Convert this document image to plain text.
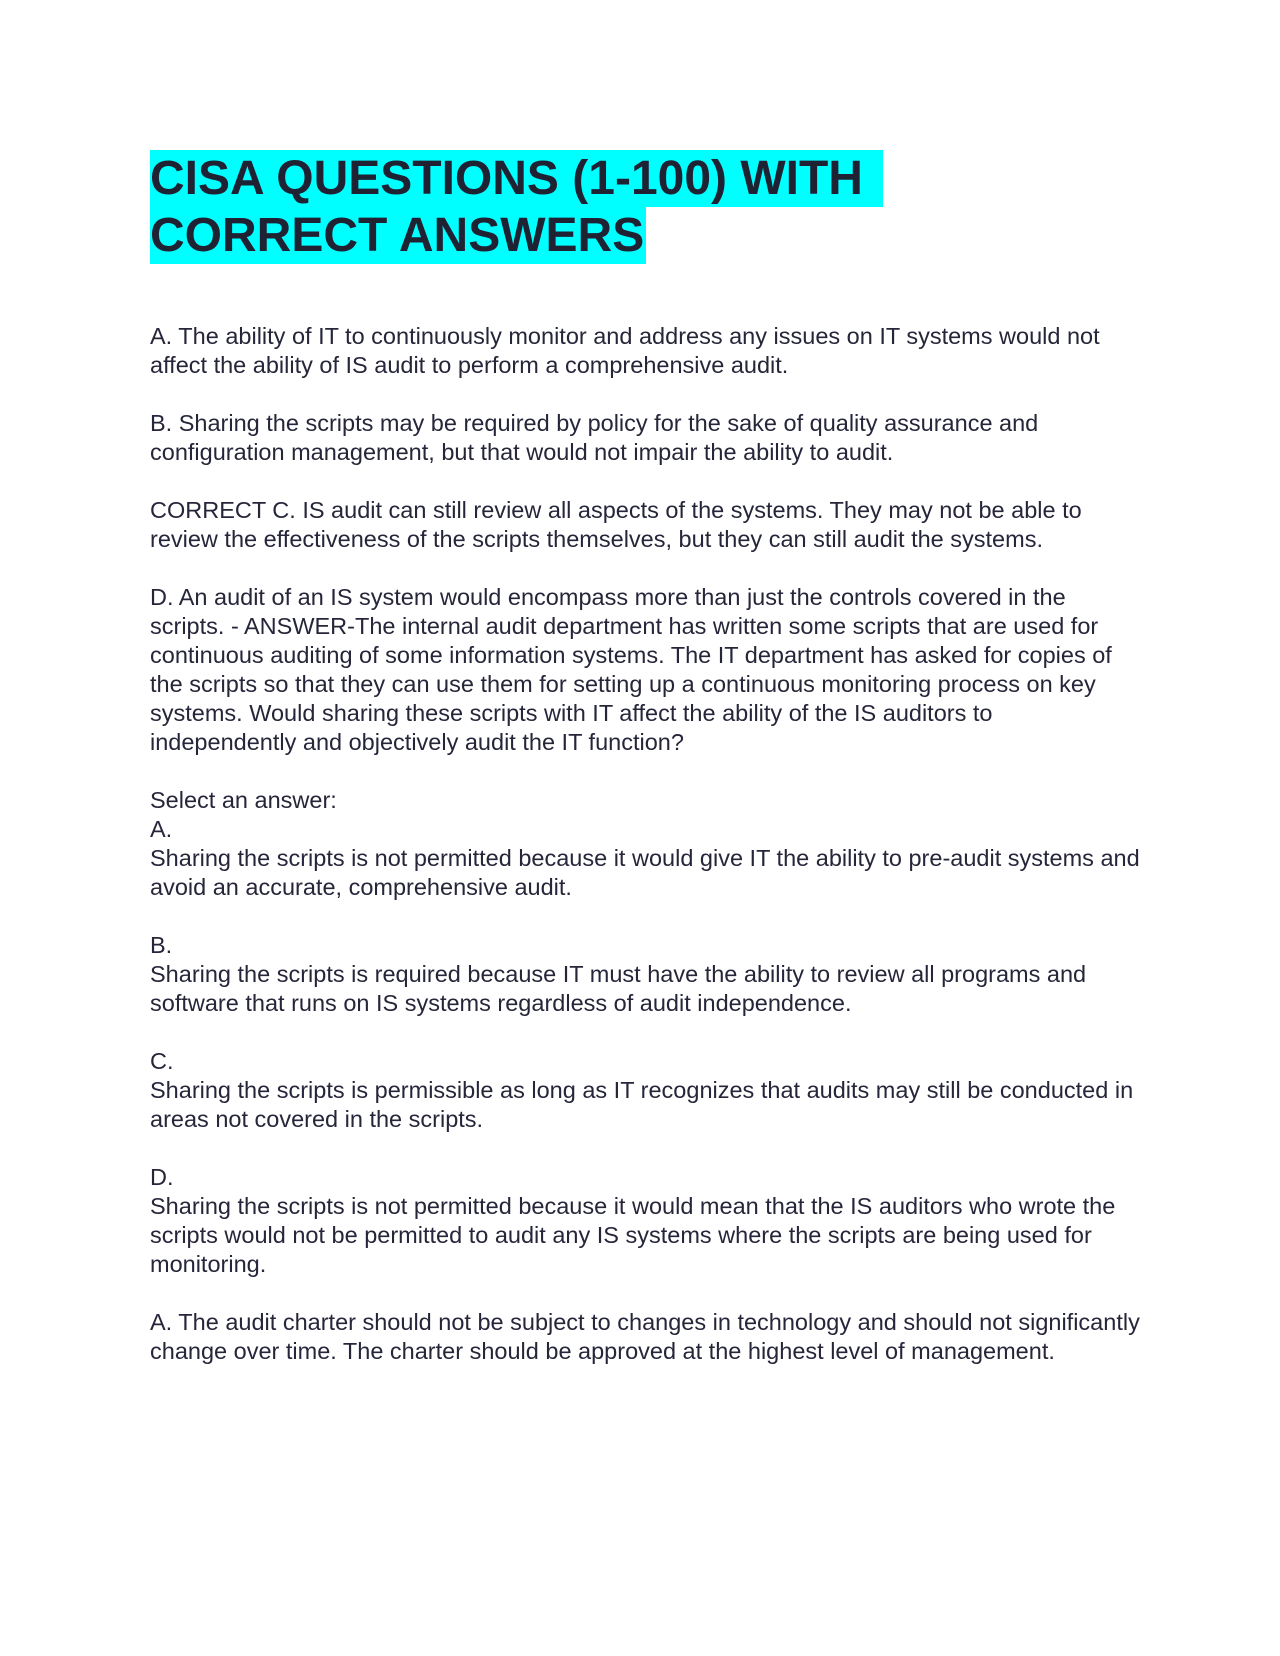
CISA QUESTIONS (1-100) WITH
CORRECT ANSWERS

A. The ability of IT to continuously monitor and address any issues on IT systems would not affect the ability of IS audit to perform a comprehensive audit.

B. Sharing the scripts may be required by policy for the sake of quality assurance and configuration management, but that would not impair the ability to audit.

CORRECT C. IS audit can still review all aspects of the systems. They may not be able to review the effectiveness of the scripts themselves, but they can still audit the systems.

D. An audit of an IS system would encompass more than just the controls covered in the scripts. - ANSWER-The internal audit department has written some scripts that are used for continuous auditing of some information systems. The IT department has asked for copies of the scripts so that they can use them for setting up a continuous monitoring process on key systems. Would sharing these scripts with IT affect the ability of the IS auditors to independently and objectively audit the IT function?

Select an answer:

A.

Sharing the scripts is not permitted because it would give IT the ability to pre-audit systems and avoid an accurate, comprehensive audit.

B.

Sharing the scripts is required because IT must have the ability to review all programs and software that runs on IS systems regardless of audit independence.

C.

Sharing the scripts is permissible as long as IT recognizes that audits may still be conducted in areas not covered in the scripts.

D.

Sharing the scripts is not permitted because it would mean that the IS auditors who wrote the scripts would not be permitted to audit any IS systems where the scripts are being used for monitoring.

A. The audit charter should not be subject to changes in technology and should not significantly change over time. The charter should be approved at the highest level of management.
